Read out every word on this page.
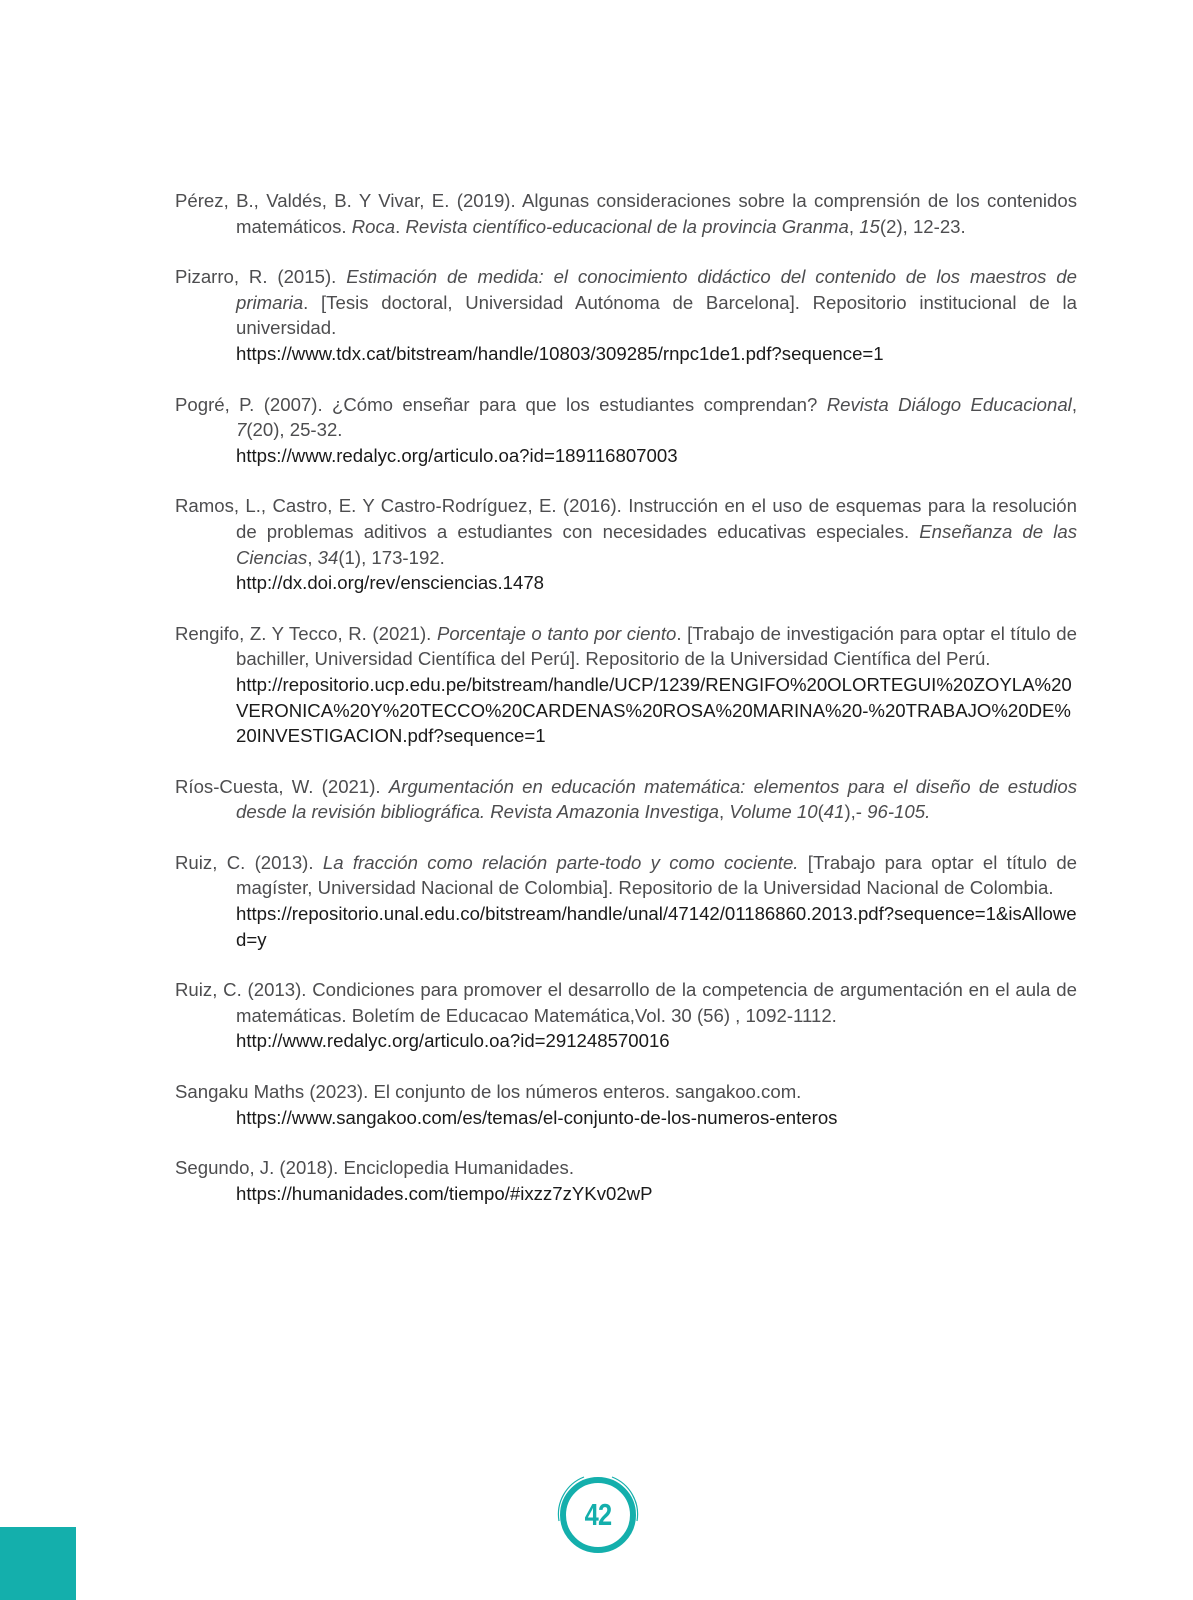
Pérez, B., Valdés, B. Y Vivar, E. (2019). Algunas consideraciones sobre la comprensión de los contenidos matemáticos. Roca. Revista científico-educacional de la provincia Granma, 15(2), 12-23.
Pizarro, R. (2015). Estimación de medida: el conocimiento didáctico del contenido de los maestros de primaria. [Tesis doctoral, Universidad Autónoma de Barcelona]. Repositorio institucional de la universidad.
https://www.tdx.cat/bitstream/handle/10803/309285/rnpc1de1.pdf?sequence=1
Pogré, P. (2007). ¿Cómo enseñar para que los estudiantes comprendan? Revista Diálogo Educacional, 7(20), 25-32.
https://www.redalyc.org/articulo.oa?id=189116807003
Ramos, L., Castro, E. Y Castro-Rodríguez, E. (2016). Instrucción en el uso de esquemas para la resolución de problemas aditivos a estudiantes con necesidades educativas especiales. Enseñanza de las Ciencias, 34(1), 173-192.
http://dx.doi.org/rev/ensciencias.1478
Rengifo, Z. Y Tecco, R. (2021). Porcentaje o tanto por ciento. [Trabajo de investigación para optar el título de bachiller, Universidad Científica del Perú]. Repositorio de la Universidad Científica del Perú.
http://repositorio.ucp.edu.pe/bitstream/handle/UCP/1239/RENGIFO%20OLORTEGUI%20ZOYLA%20VERONICA%20Y%20TECCO%20CARDENAS%20ROSA%20MARINA%20-%20TRABAJO%20DE%20INVESTIGACION.pdf?sequence=1
Ríos-Cuesta, W. (2021). Argumentación en educación matemática: elementos para el diseño de estudios desde la revisión bibliográfica. Revista Amazonia Investiga, Volume 10(41),- 96-105.
Ruiz, C. (2013). La fracción como relación parte-todo y como cociente. [Trabajo para optar el título de magíster, Universidad Nacional de Colombia]. Repositorio de la Universidad Nacional de Colombia.
https://repositorio.unal.edu.co/bitstream/handle/unal/47142/01186860.2013.pdf?sequence=1&isAllowed=y
Ruiz, C. (2013). Condiciones para promover el desarrollo de la competencia de argumentación en el aula de matemáticas. Boletím de Educacao Matemática,Vol. 30 (56) , 1092-1112.
http://www.redalyc.org/articulo.oa?id=291248570016
Sangaku Maths (2023). El conjunto de los números enteros. sangakoo.com.
https://www.sangakoo.com/es/temas/el-conjunto-de-los-numeros-enteros
Segundo, J. (2018). Enciclopedia Humanidades.
https://humanidades.com/tiempo/#ixzz7zYKv02wP
42
